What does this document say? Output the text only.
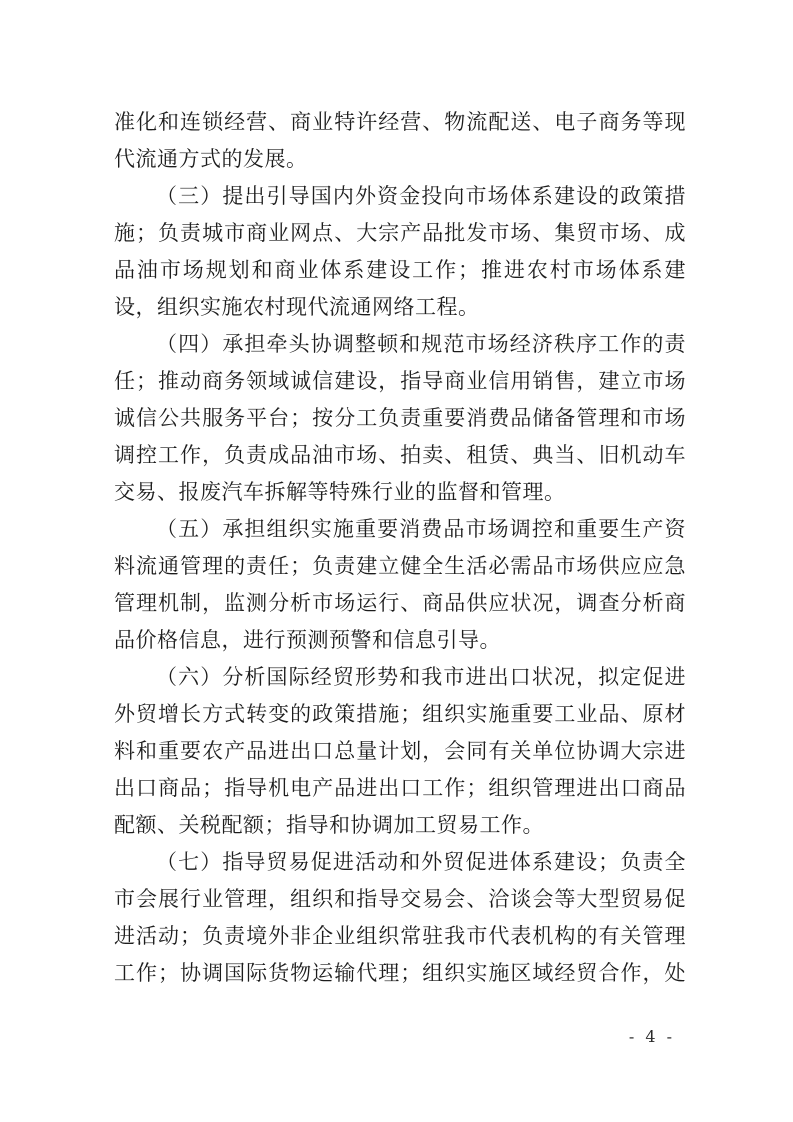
准化和连锁经营、商业特许经营、物流配送、电子商务等现

代流通方式的发展。

（三）提出引导国内外资金投向市场体系建设的政策措

施；负责城市商业网点、大宗产品批发市场、集贸市场、成

品油市场规划和商业体系建设工作；推进农村市场体系建

设，组织实施农村现代流通网络工程。

（四）承担牵头协调整顿和规范市场经济秩序工作的责

任；推动商务领域诚信建设，指导商业信用销售，建立市场

诚信公共服务平台；按分工负责重要消费品储备管理和市场

调控工作，负责成品油市场、拍卖、租赁、典当、旧机动车

交易、报废汽车拆解等特殊行业的监督和管理。

（五）承担组织实施重要消费品市场调控和重要生产资

料流通管理的责任；负责建立健全生活必需品市场供应应急

管理机制，监测分析市场运行、商品供应状况，调查分析商

品价格信息，进行预测预警和信息引导。

（六）分析国际经贸形势和我市进出口状况，拟定促进

外贸增长方式转变的政策措施；组织实施重要工业品、原材

料和重要农产品进出口总量计划，会同有关单位协调大宗进

出口商品；指导机电产品进出口工作；组织管理进出口商品

配额、关税配额；指导和协调加工贸易工作。

（七）指导贸易促进活动和外贸促进体系建设；负责全

市会展行业管理，组织和指导交易会、洽谈会等大型贸易促

进活动；负责境外非企业组织常驻我市代表机构的有关管理

工作；协调国际货物运输代理；组织实施区域经贸合作，处

- 4 -
